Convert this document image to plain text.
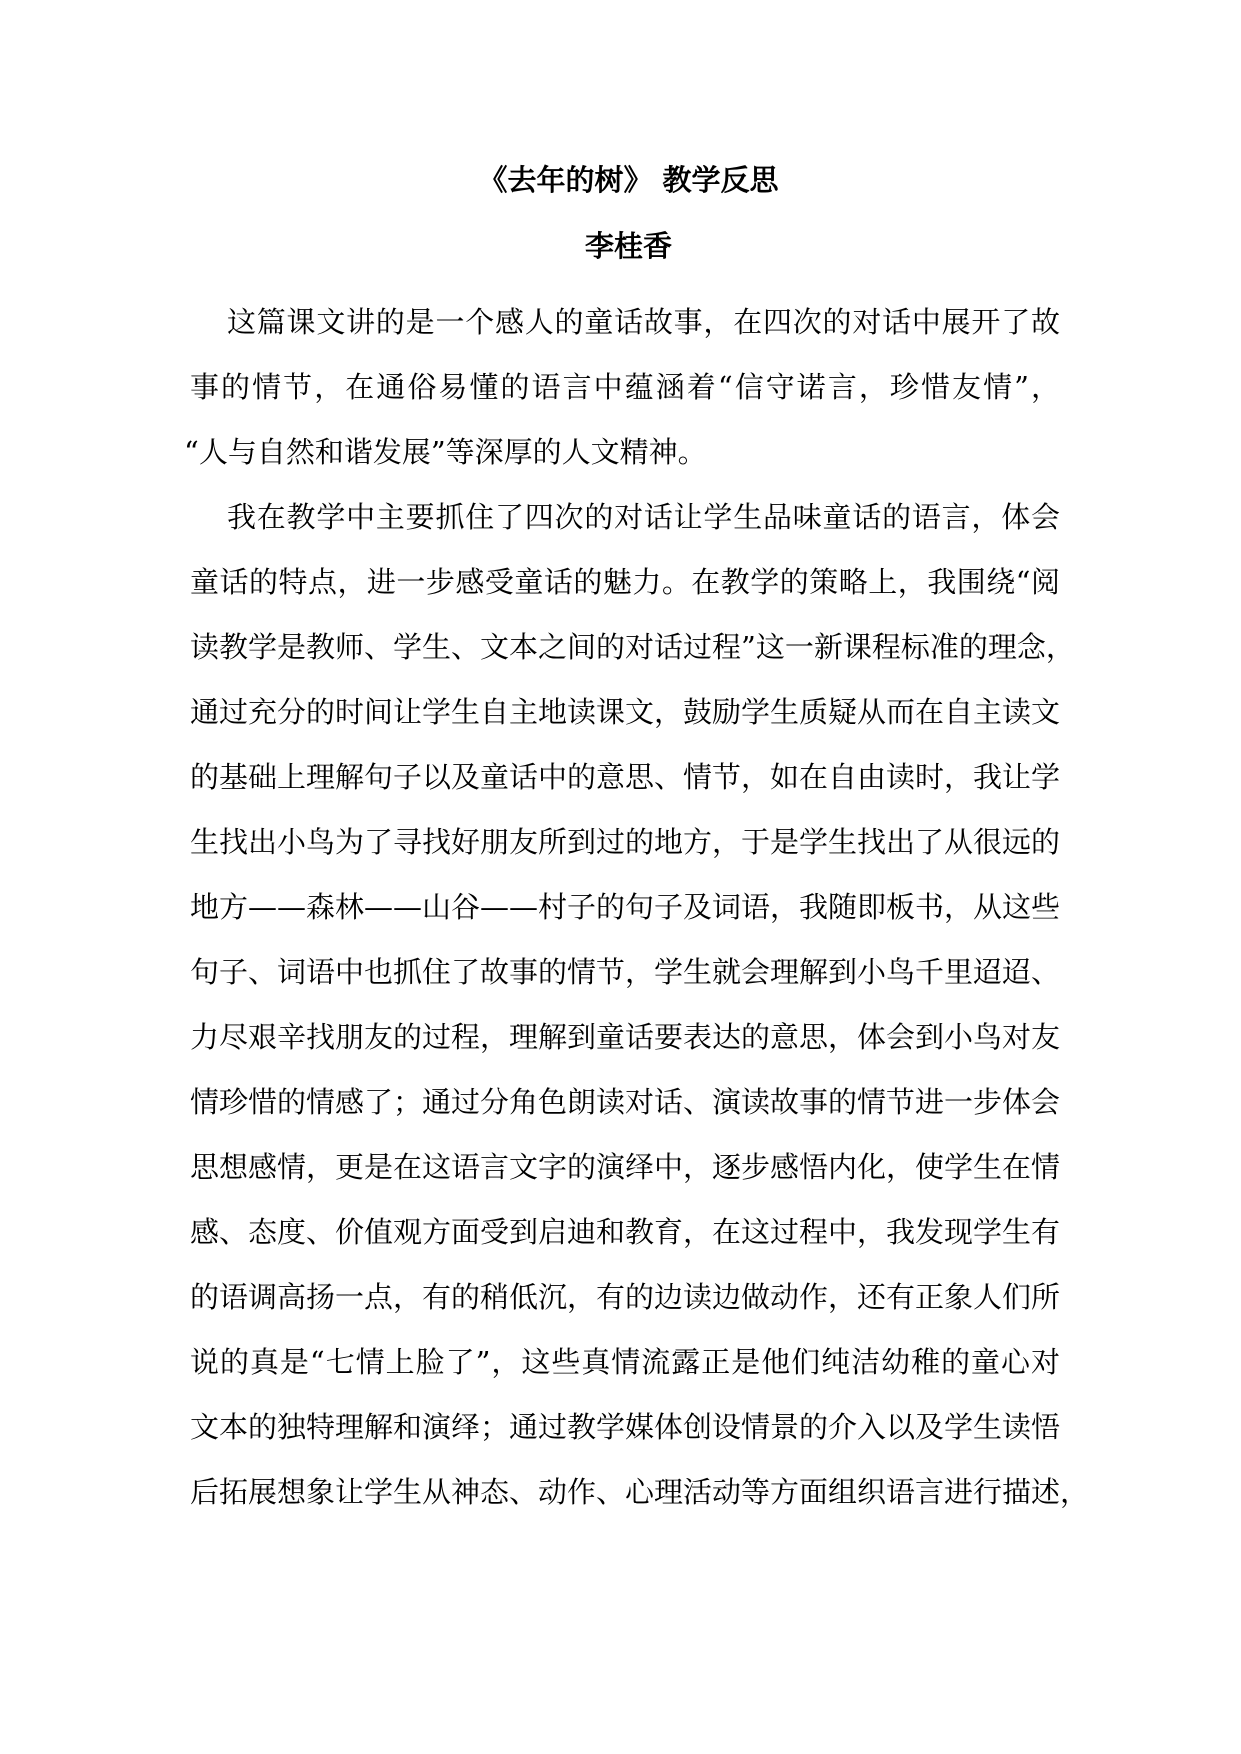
《去年的树》 教学反思
李桂香
这篇课文讲的是一个感人的童话故事，在四次的对话中展开了故
事的情节，在通俗易懂的语言中蕴涵着“信守诺言，珍惜友情”，
“人与自然和谐发展”等深厚的人文精神。
我在教学中主要抓住了四次的对话让学生品味童话的语言，体会
童话的特点，进一步感受童话的魅力。在教学的策略上，我围绕“阅
读教学是教师、学生、文本之间的对话过程”这一新课程标准的理念，
通过充分的时间让学生自主地读课文，鼓励学生质疑从而在自主读文
的基础上理解句子以及童话中的意思、情节，如在自由读时，我让学
生找出小鸟为了寻找好朋友所到过的地方，于是学生找出了从很远的
地方——森林——山谷——村子的句子及词语，我随即板书，从这些
句子、词语中也抓住了故事的情节，学生就会理解到小鸟千里迢迢、
力尽艰辛找朋友的过程，理解到童话要表达的意思，体会到小鸟对友
情珍惜的情感了；通过分角色朗读对话、演读故事的情节进一步体会
思想感情，更是在这语言文字的演绎中，逐步感悟内化，使学生在情
感、态度、价值观方面受到启迪和教育，在这过程中，我发现学生有
的语调高扬一点，有的稍低沉，有的边读边做动作，还有正象人们所
说的真是“七情上脸了”，这些真情流露正是他们纯洁幼稚的童心对
文本的独特理解和演绎；通过教学媒体创设情景的介入以及学生读悟
后拓展想象让学生从神态、动作、心理活动等方面组织语言进行描述，
